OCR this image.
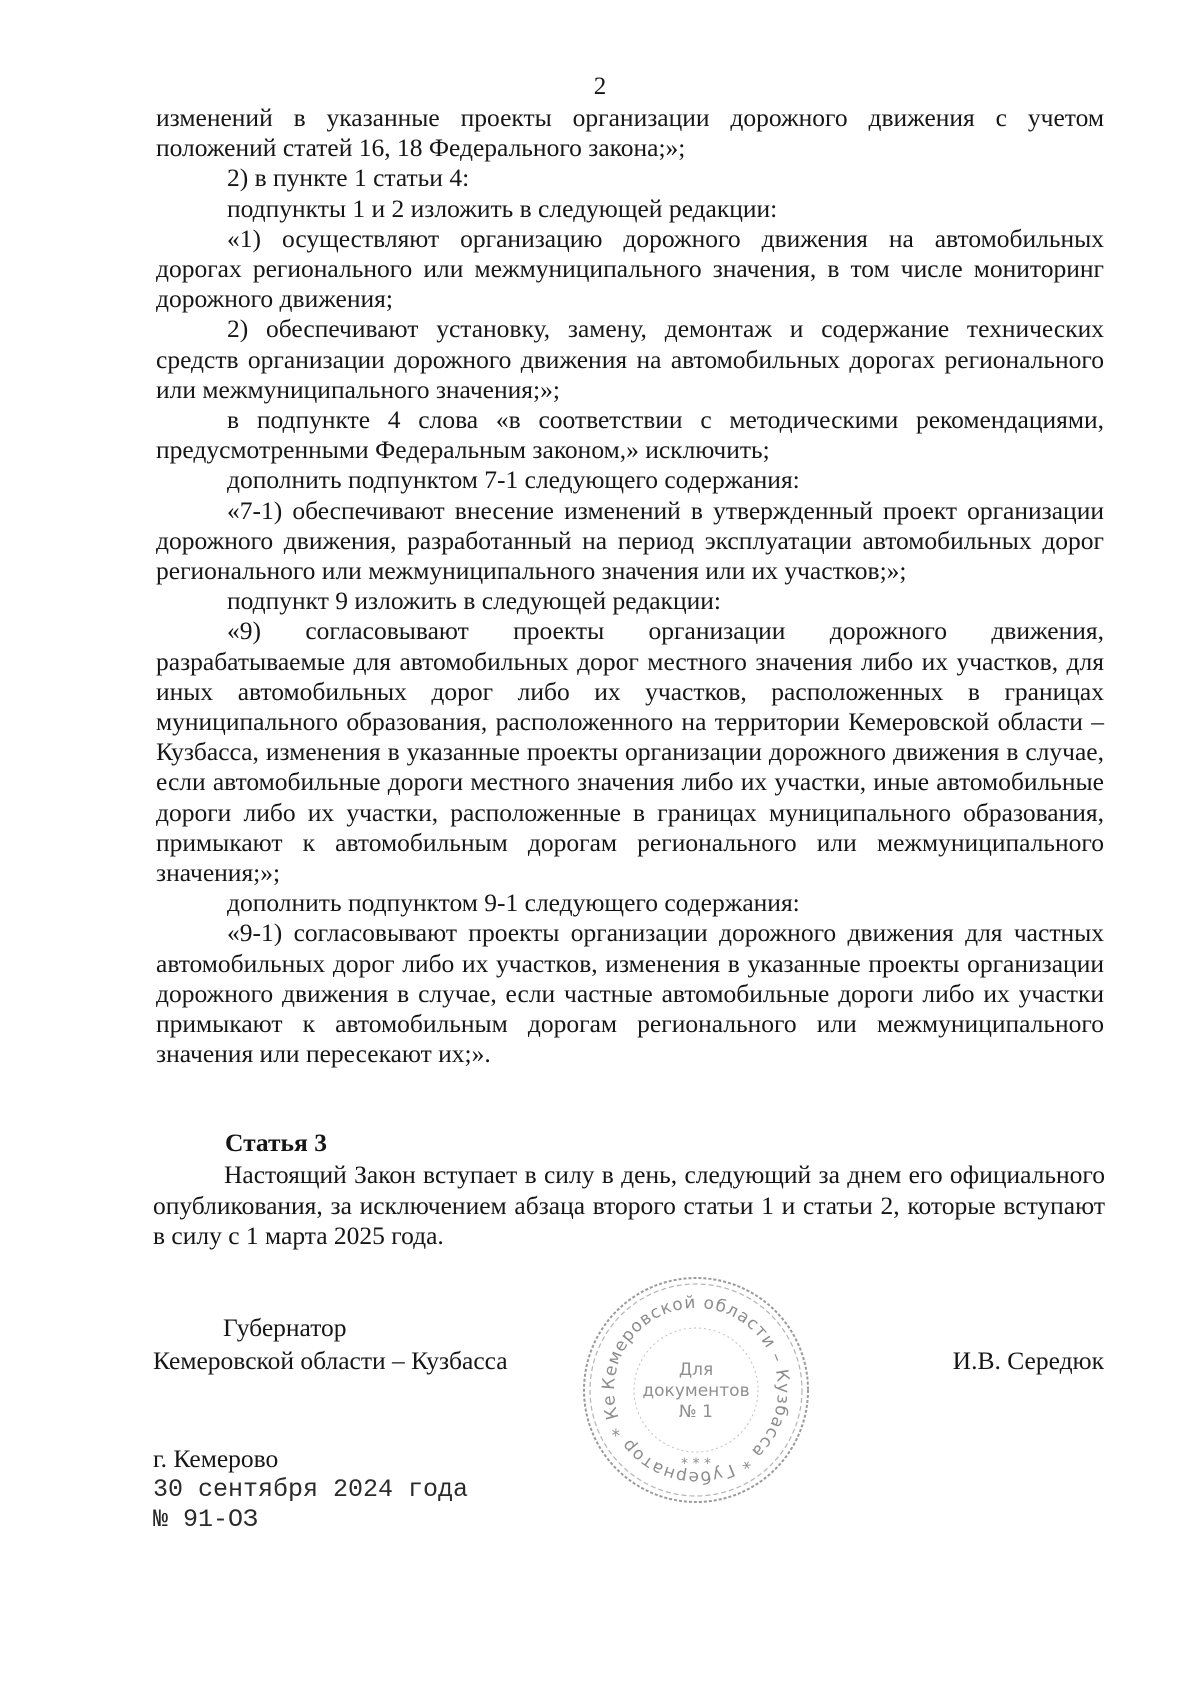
2

изменений в указанные проекты организации дорожного движения с учетом

положений статей 16, 18 Федерального закона;»;

2) в пункте 1 статьи 4:

подпункты 1 и 2 изложить в следующей редакции:

«1) осуществляют организацию дорожного движения на автомобильных дорогах регионального или межмуниципального значения, в том числе мониторинг дорожного движения;

2) обеспечивают установку, замену, демонтаж и содержание технических средств организации дорожного движения на автомобильных дорогах регионального или межмуниципального значения;»;

в подпункте 4 слова «в соответствии с методическими рекомендациями, предусмотренными Федеральным законом,» исключить;

дополнить подпунктом 7-1 следующего содержания:

«7-1) обеспечивают внесение изменений в утвержденный проект организации дорожного движения, разработанный на период эксплуатации автомобильных дорог регионального или межмуниципального значения или их участков;»;

подпункт 9 изложить в следующей редакции:

«9) согласовывают проекты организации дорожного движения, разрабатываемые для автомобильных дорог местного значения либо их участков, для иных автомобильных дорог либо их участков, расположенных в границах муниципального образования, расположенного на территории Кемеровской области – Кузбасса, изменения в указанные проекты организации дорожного движения в случае, если автомобильные дороги местного значения либо их участки, иные автомобильные дороги либо их участки, расположенные в границах муниципального образования, примыкают к автомобильным дорогам регионального или межмуниципального значения;»;

дополнить подпунктом 9-1 следующего содержания:

«9-1) согласовывают проекты организации дорожного движения для частных автомобильных дорог либо их участков, изменения в указанные проекты организации дорожного движения в случае, если частные автомобильные дороги либо их участки примыкают к автомобильным дорогам регионального или межмуниципального значения или пересекают их;».

Статья 3

Настоящий Закон вступает в силу в день, следующий за днем его официального опубликования, за исключением абзаца второго статьи 1 и статьи 2, которые вступают в силу с 1 марта 2025 года.

Губернатор
Кемеровской области – Кузбасса
Кемеровской области – Кузбасса * Губернатор * Ке
Для
документов
№ 1
* * *
И.В. Середюк
г. Кемерово
30 сентября 2024 года
№ 91-ОЗ
